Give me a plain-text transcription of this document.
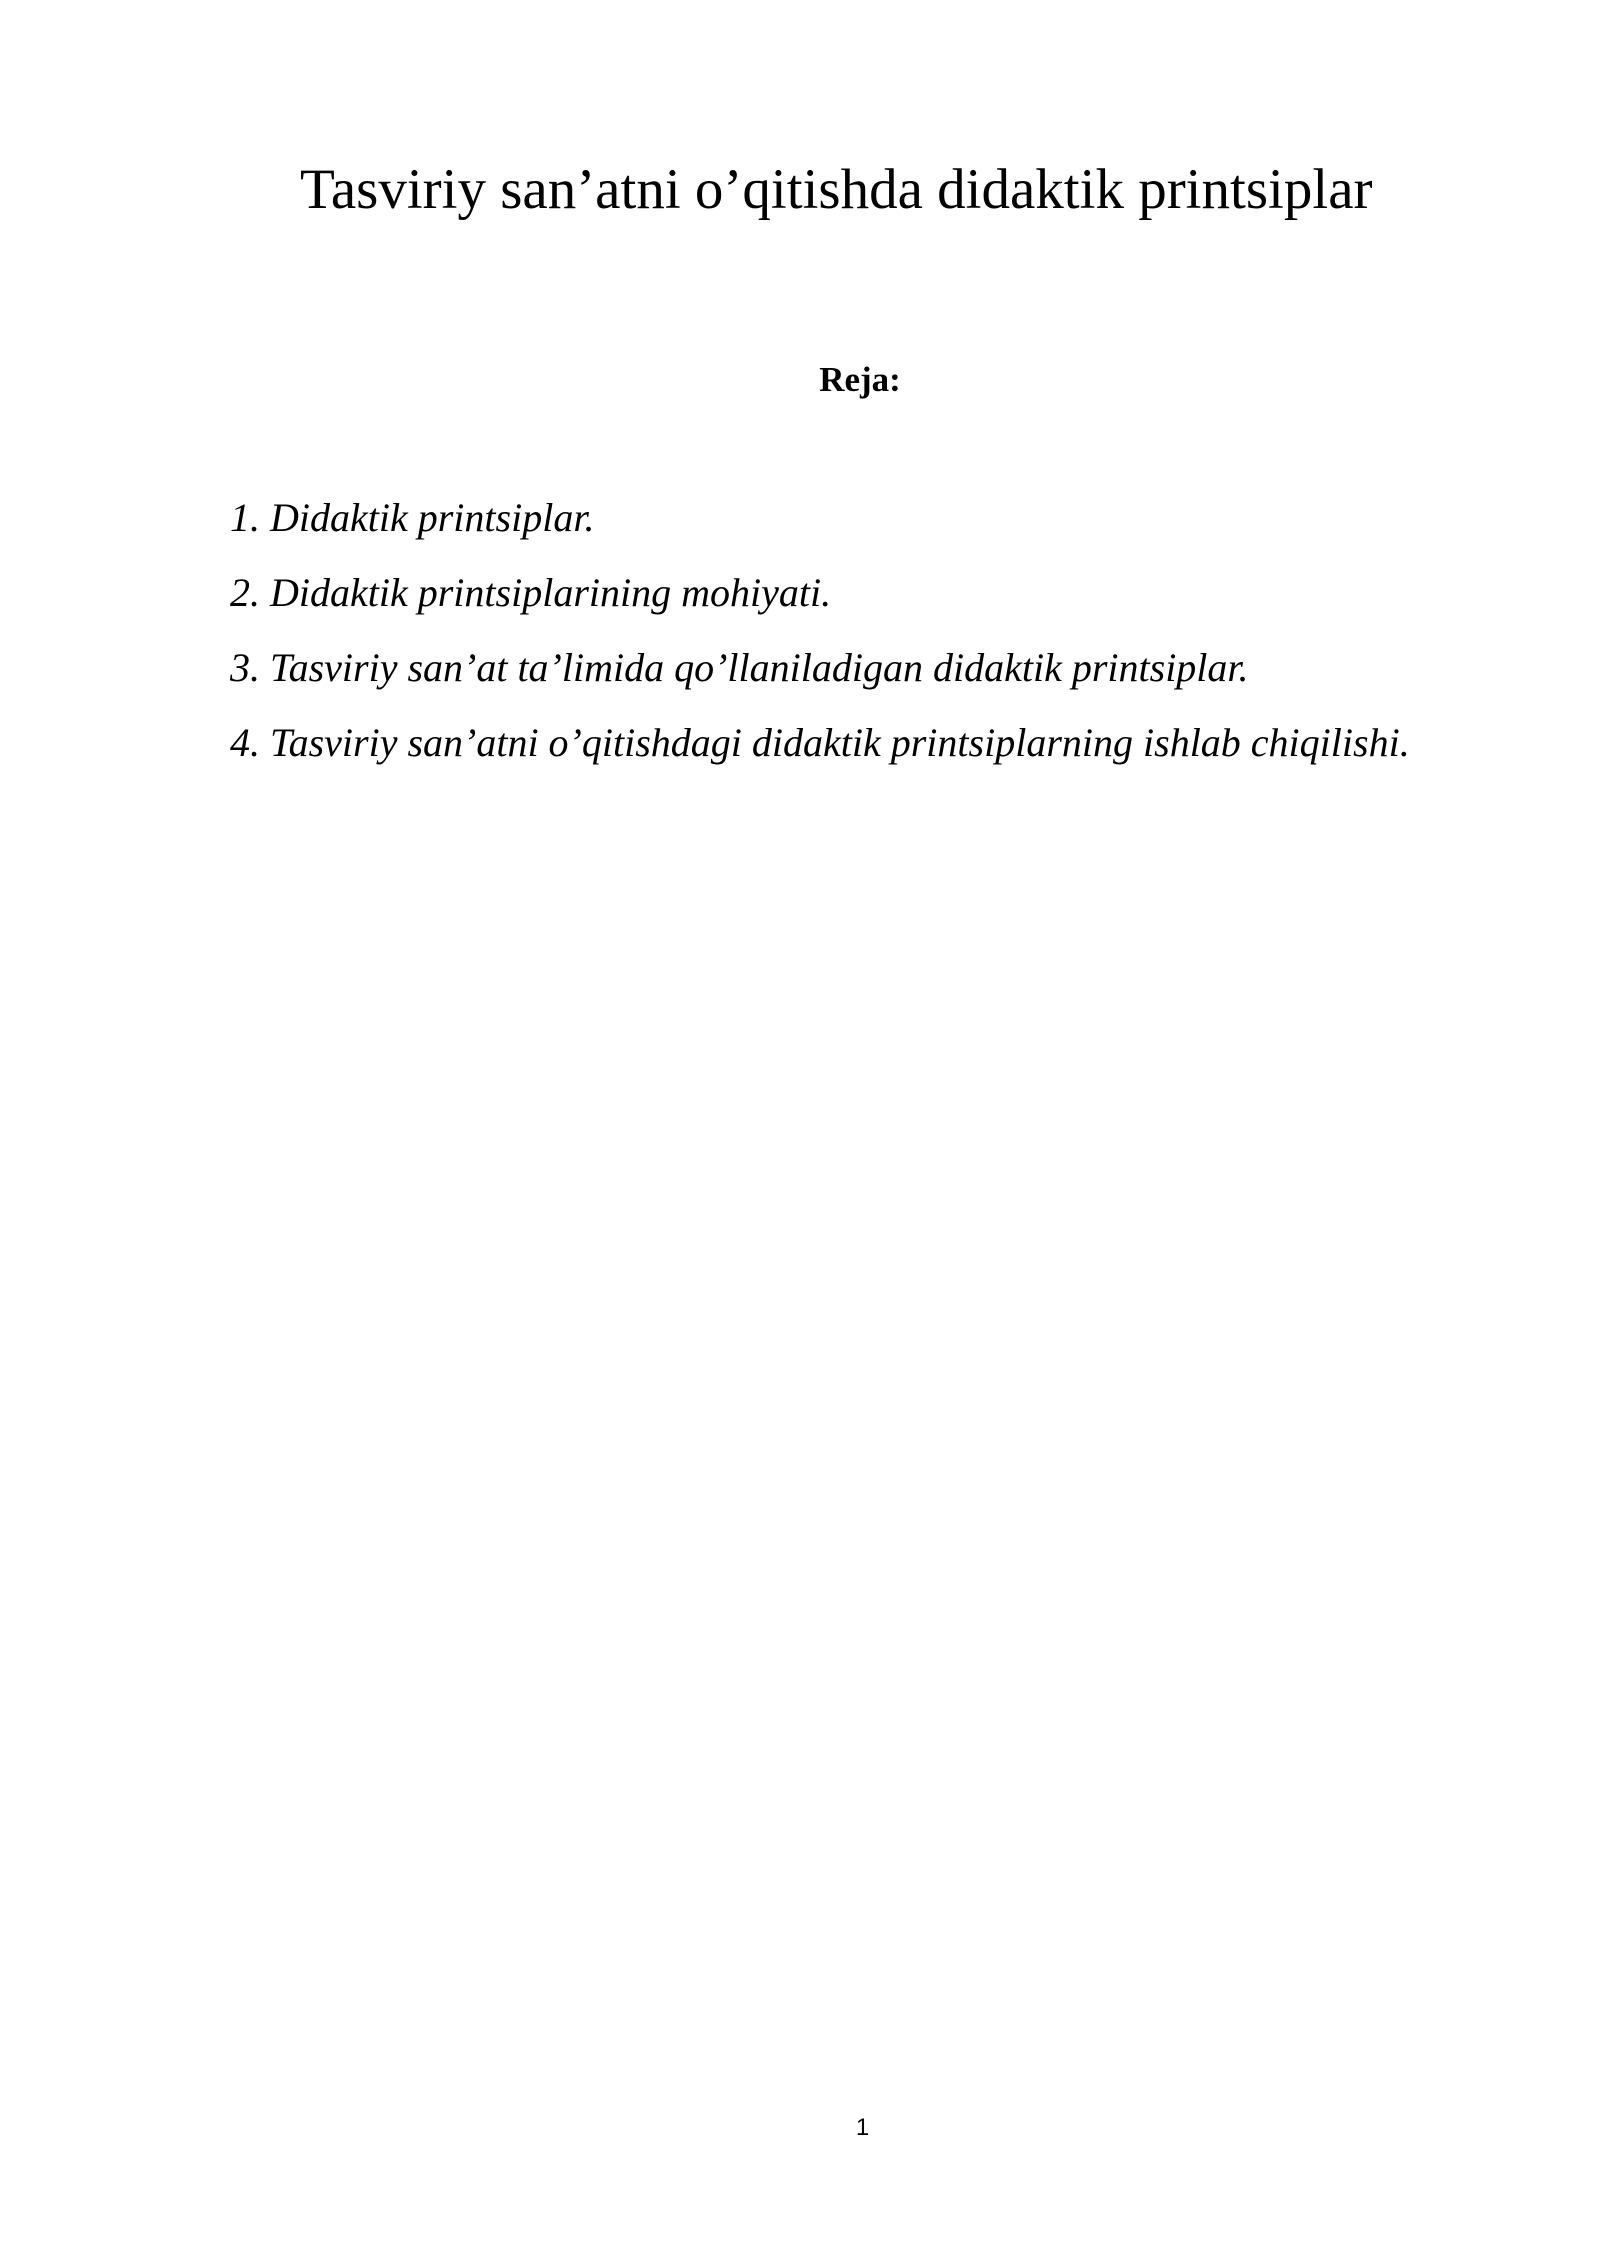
Tasviriy san’atni o’qitishda didaktik printsiplar
Reja:
1. Didaktik printsiplar.
2. Didaktik printsiplarining mohiyati.
3. Tasviriy san’at ta’limida qo’llaniladigan didaktik printsiplar.
4. Tasviriy san’atni o’qitishdagi didaktik printsiplarning ishlab chiqilishi.
1
